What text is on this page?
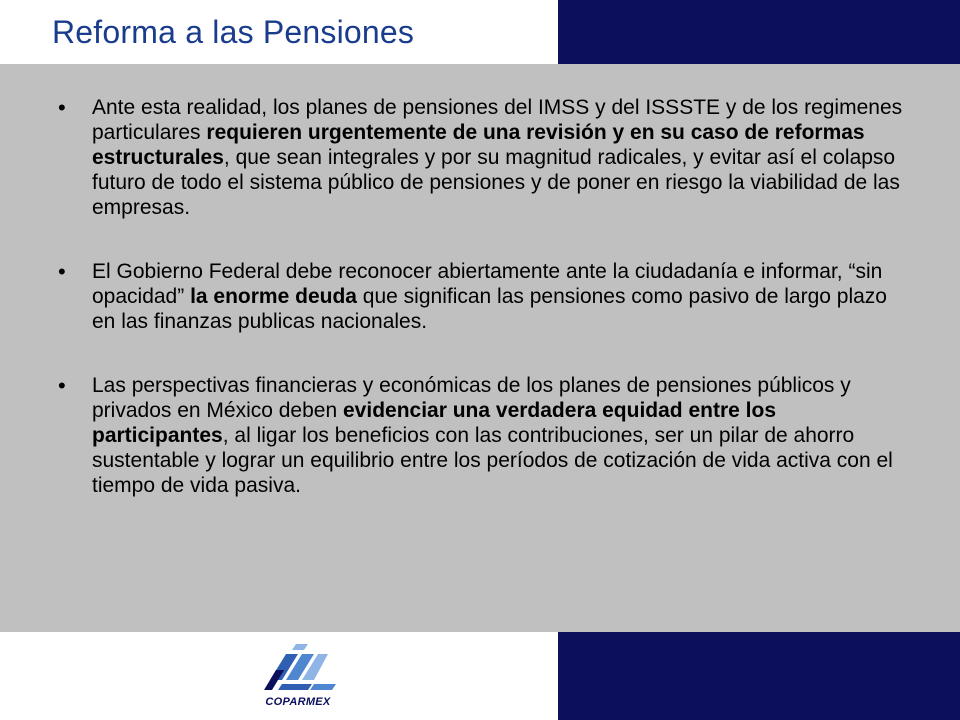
Reforma a las Pensiones
• Ante esta realidad, los planes de pensiones del IMSS y del ISSSTE y de los regimenes particulares requieren urgentemente de una revisión y en su caso de reformas estructurales, que sean integrales y por su magnitud radicales, y evitar así el colapso futuro de todo el sistema público de pensiones y de poner en riesgo la viabilidad de las empresas.
• El Gobierno Federal debe reconocer abiertamente ante la ciudadanía e informar, “sin opacidad” la enorme deuda que significan las pensiones como pasivo de largo plazo en las finanzas publicas nacionales.
• Las perspectivas financieras y económicas de los planes de pensiones públicos y privados en México deben evidenciar una verdadera equidad entre los participantes, al ligar los beneficios con las contribuciones, ser un pilar de ahorro sustentable y lograr un equilibrio entre los períodos de cotización de vida activa con el tiempo de vida pasiva.
COPARMEX
